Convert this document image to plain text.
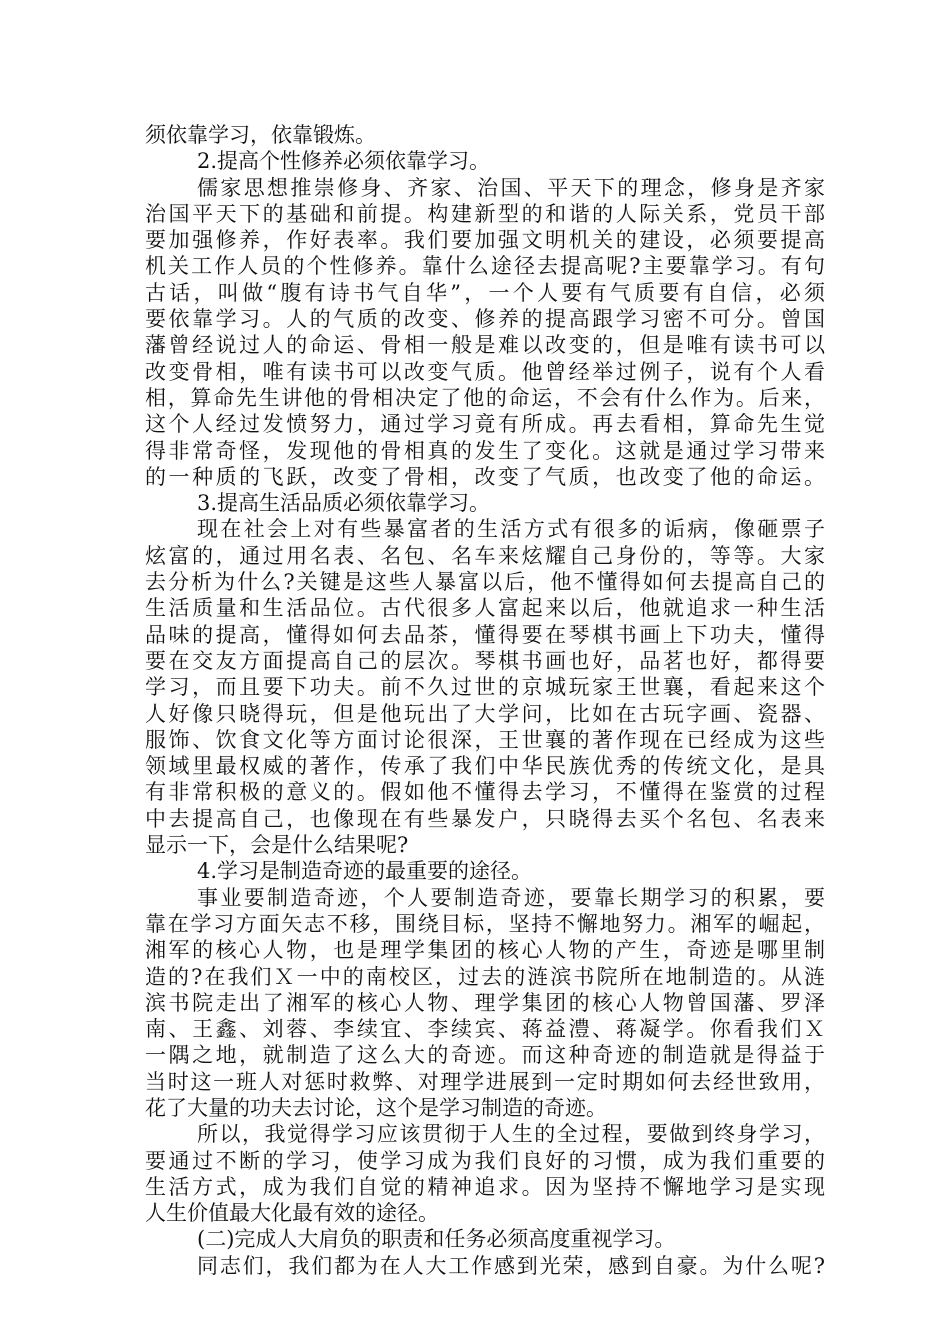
须依靠学习，依靠锻炼。
2.提高个性修养必须依靠学习。
儒家思想推崇修身、齐家、治国、平天下的理念，修身是齐家
治国平天下的基础和前提。构建新型的和谐的人际关系，党员干部
要加强修养，作好表率。我们要加强文明机关的建设，必须要提高
机关工作人员的个性修养。靠什么途径去提高呢?主要靠学习。有句
古话，叫做“腹有诗书气自华”，一个人要有气质要有自信，必须
要依靠学习。人的气质的改变、修养的提高跟学习密不可分。曾国
藩曾经说过人的命运、骨相一般是难以改变的，但是唯有读书可以
改变骨相，唯有读书可以改变气质。他曾经举过例子，说有个人看
相，算命先生讲他的骨相决定了他的命运，不会有什么作为。后来，
这个人经过发愤努力，通过学习竟有所成。再去看相，算命先生觉
得非常奇怪，发现他的骨相真的发生了变化。这就是通过学习带来
的一种质的飞跃，改变了骨相，改变了气质，也改变了他的命运。
3.提高生活品质必须依靠学习。
现在社会上对有些暴富者的生活方式有很多的诟病，像砸票子
炫富的，通过用名表、名包、名车来炫耀自己身份的，等等。大家
去分析为什么?关键是这些人暴富以后，他不懂得如何去提高自己的
生活质量和生活品位。古代很多人富起来以后，他就追求一种生活
品味的提高，懂得如何去品茶，懂得要在琴棋书画上下功夫，懂得
要在交友方面提高自己的层次。琴棋书画也好，品茗也好，都得要
学习，而且要下功夫。前不久过世的京城玩家王世襄，看起来这个
人好像只晓得玩，但是他玩出了大学问，比如在古玩字画、瓷器、
服饰、饮食文化等方面讨论很深，王世襄的著作现在已经成为这些
领域里最权威的著作，传承了我们中华民族优秀的传统文化，是具
有非常积极的意义的。假如他不懂得去学习，不懂得在鉴赏的过程
中去提高自己，也像现在有些暴发户，只晓得去买个名包、名表来
显示一下，会是什么结果呢?
4.学习是制造奇迹的最重要的途径。
事业要制造奇迹，个人要制造奇迹，要靠长期学习的积累，要
靠在学习方面矢志不移，围绕目标，坚持不懈地努力。湘军的崛起，
湘军的核心人物，也是理学集团的核心人物的产生，奇迹是哪里制
造的?在我们Ｘ一中的南校区，过去的涟滨书院所在地制造的。从涟
滨书院走出了湘军的核心人物、理学集团的核心人物曾国藩、罗泽
南、王鑫、刘蓉、李续宜、李续宾、蒋益澧、蒋凝学。你看我们Ｘ
一隅之地，就制造了这么大的奇迹。而这种奇迹的制造就是得益于
当时这一班人对惩时救弊、对理学进展到一定时期如何去经世致用，
花了大量的功夫去讨论，这个是学习制造的奇迹。
所以，我觉得学习应该贯彻于人生的全过程，要做到终身学习，
要通过不断的学习，使学习成为我们良好的习惯，成为我们重要的
生活方式，成为我们自觉的精神追求。因为坚持不懈地学习是实现
人生价值最大化最有效的途径。
(二)完成人大肩负的职责和任务必须高度重视学习。
同志们，我们都为在人大工作感到光荣，感到自豪。为什么呢?
